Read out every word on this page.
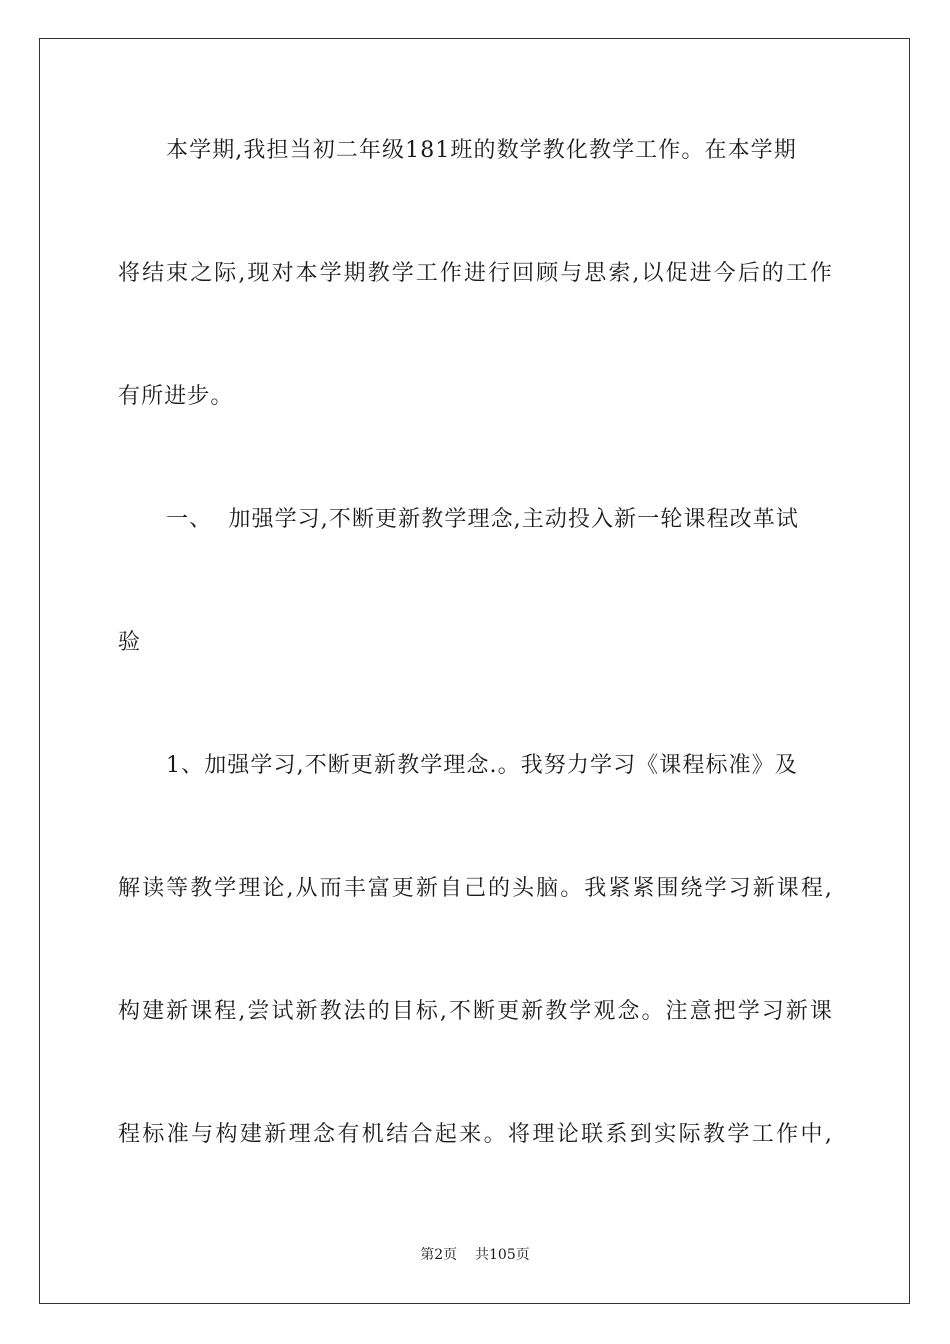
本学期,我担当初二年级181班的数学教化教学工作。在本学期
将结束之际,现对本学期教学工作进行回顾与思索,以促进今后的工作
有所进步。
一、  加强学习,不断更新教学理念,主动投入新一轮课程改革试
验
1、加强学习,不断更新教学理念.。我努力学习《课程标准》及
解读等教学理论,从而丰富更新自己的头脑。我紧紧围绕学习新课程,
构建新课程,尝试新教法的目标,不断更新教学观念。注意把学习新课
程标准与构建新理念有机结合起来。将理论联系到实际教学工作中,
第2页 共105页
